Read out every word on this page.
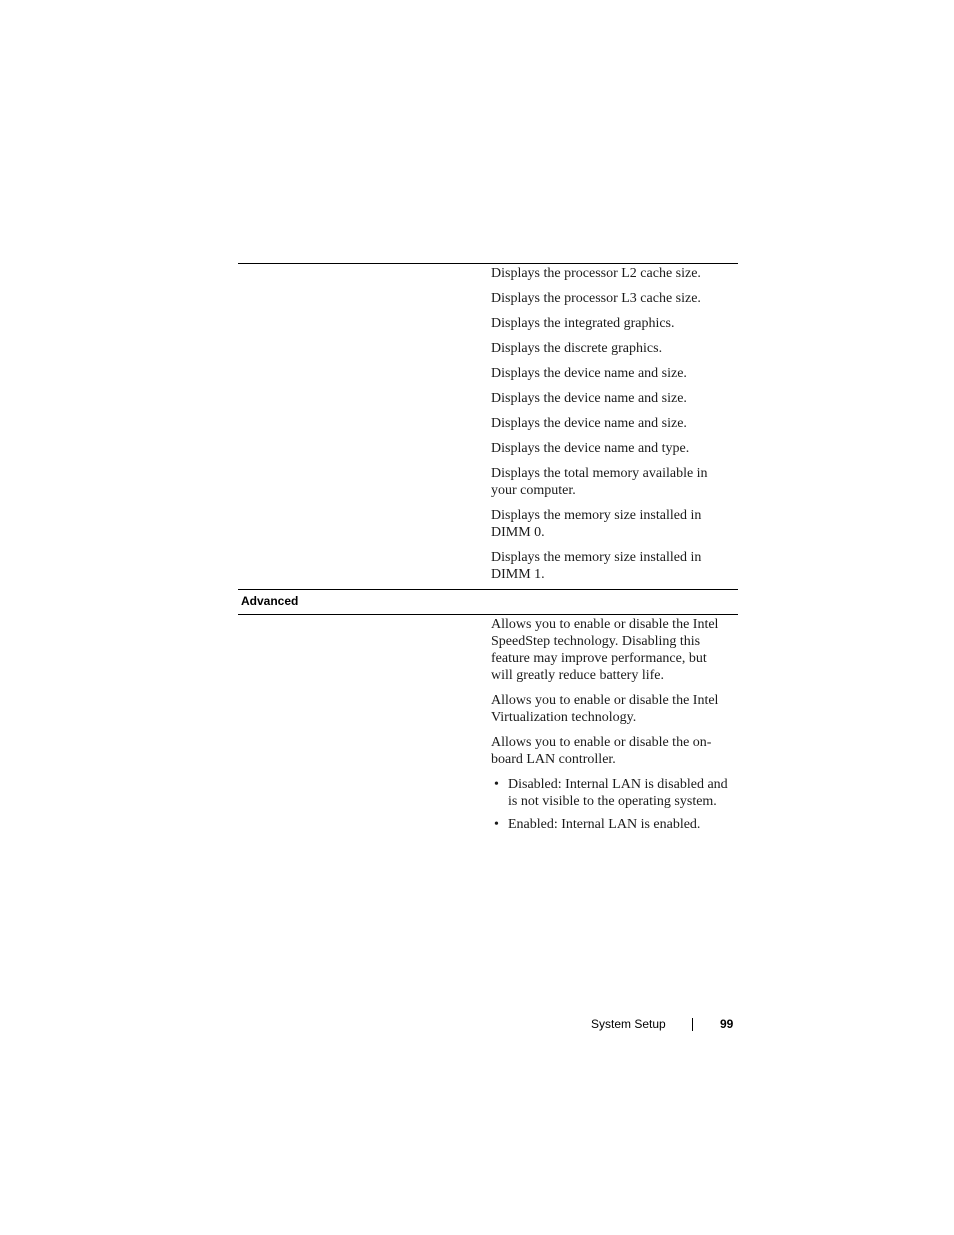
Displays the processor L2 cache size.

Displays the processor L3 cache size.

Displays the integrated graphics.

Displays the discrete graphics.

Displays the device name and size.

Displays the device name and size.

Displays the device name and size.

Displays the device name and type.

Displays the total memory available in your computer.

Displays the memory size installed in DIMM 0.

Displays the memory size installed in DIMM 1.

Advanced

Allows you to enable or disable the Intel SpeedStep technology. Disabling this feature may improve performance, but will greatly reduce battery life.

Allows you to enable or disable the Intel Virtualization technology.

Allows you to enable or disable the on-board LAN controller.

• Disabled: Internal LAN is disabled and is not visible to the operating system.
• Enabled: Internal LAN is enabled.
System Setup	99
